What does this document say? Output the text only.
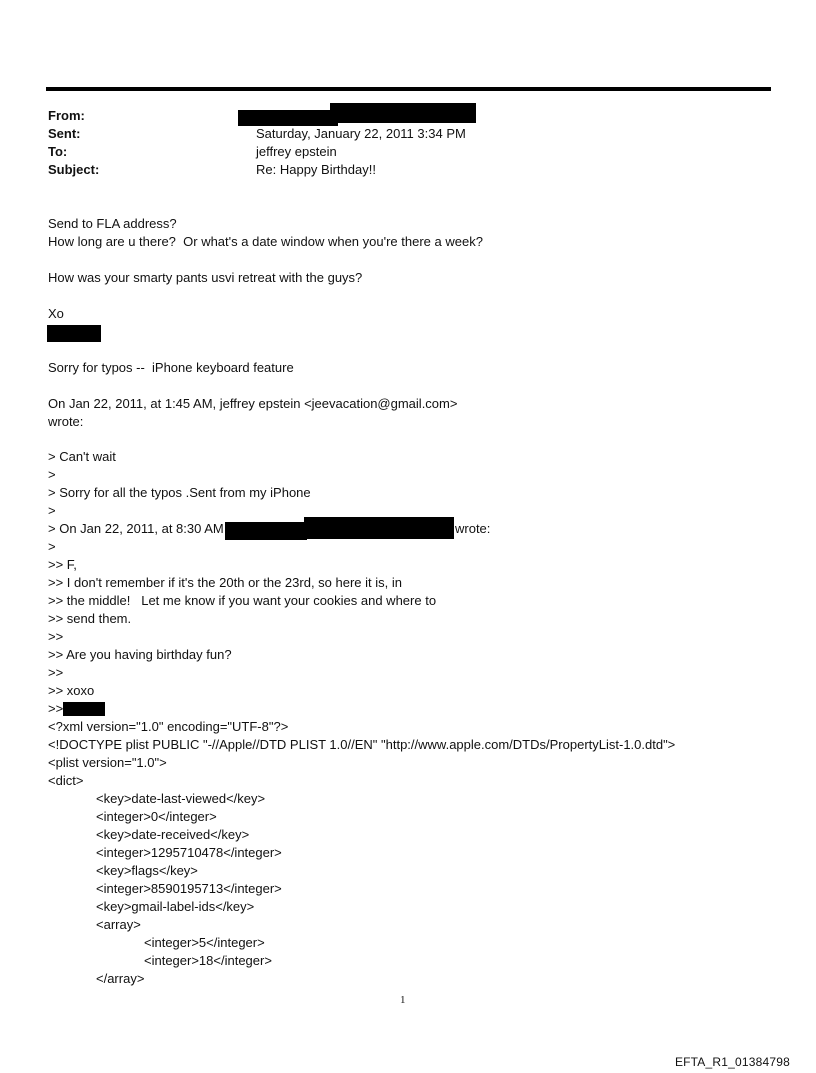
From:
Sent:	Saturday, January 22, 2011 3:34 PM
To:	jeffrey epstein
Subject:	Re: Happy Birthday!!
Send to FLA address?
How long are u there?  Or what's a date window when you're there a week?
How was your smarty pants usvi retreat with the guys?
Xo
Sorry for typos --  iPhone keyboard feature
On Jan 22, 2011, at 1:45 AM, jeffrey epstein <jeevacation@gmail.com>
wrote:
> Can't wait
>
> Sorry for all the typos .Sent from my iPhone
>
> On Jan 22, 2011, at 8:30 AM	wrote:
>
>> F,
>> I don't remember if it's the 20th or the 23rd, so here it is, in
>> the middle!   Let me know if you want your cookies and where to
>> send them.
>>
>> Are you having birthday fun?
>>
>> xoxo
>>
<?xml version="1.0" encoding="UTF-8"?>
<!DOCTYPE plist PUBLIC "-//Apple//DTD PLIST 1.0//EN" "http://www.apple.com/DTDs/PropertyList-1.0.dtd">
<plist version="1.0">
<dict>
<key>date-last-viewed</key>
<integer>0</integer>
<key>date-received</key>
<integer>1295710478</integer>
<key>flags</key>
<integer>8590195713</integer>
<key>gmail-label-ids</key>
<array>
<integer>5</integer>
<integer>18</integer>
</array>
1
EFTA_R1_01384798
